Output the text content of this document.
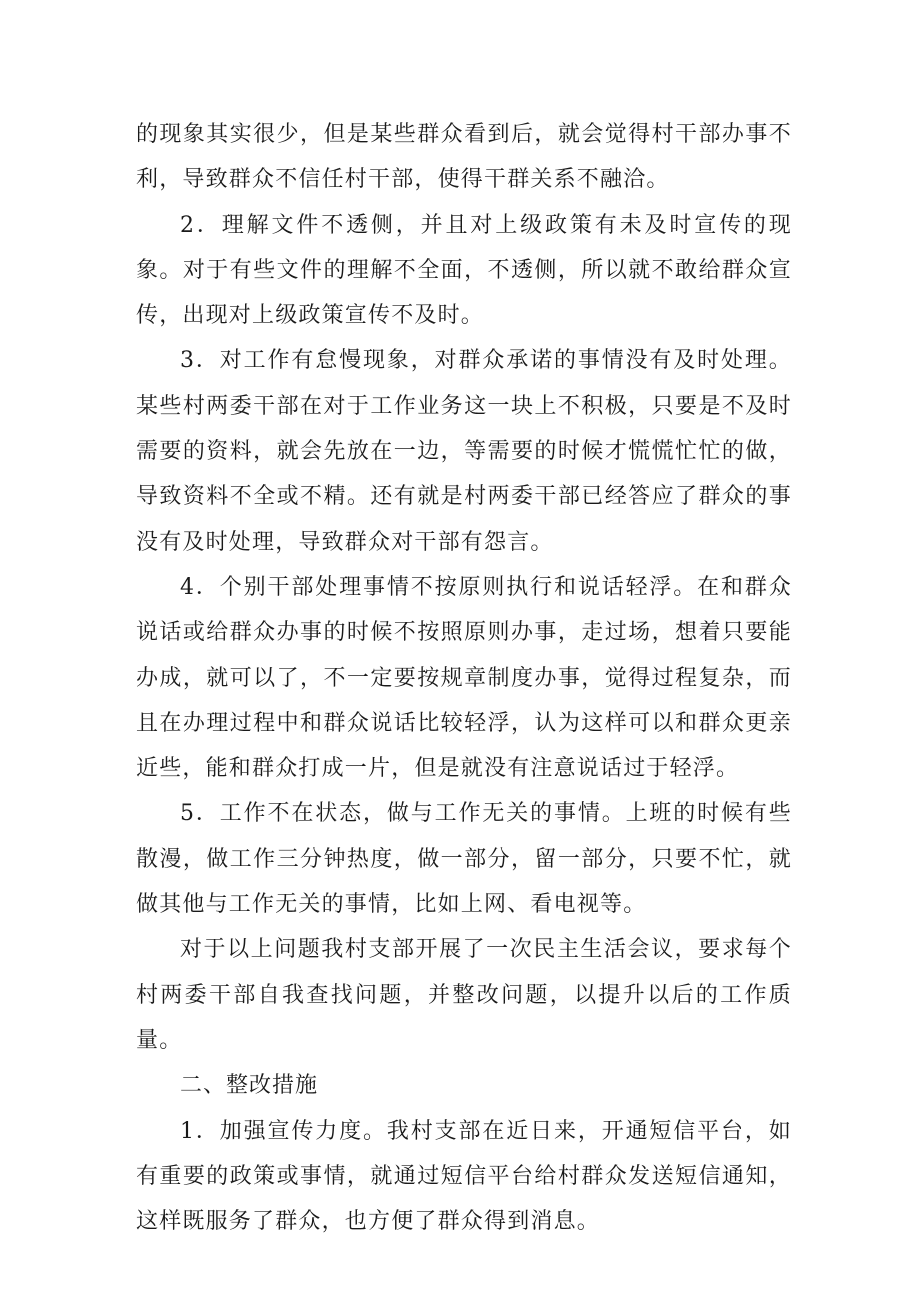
的现象其实很少，但是某些群众看到后，就会觉得村干部办事不利，导致群众不信任村干部，使得干群关系不融洽。

2．理解文件不透侧，并且对上级政策有未及时宣传的现象。对于有些文件的理解不全面，不透侧，所以就不敢给群众宣传，出现对上级政策宣传不及时。

3．对工作有怠慢现象，对群众承诺的事情没有及时处理。某些村两委干部在对于工作业务这一块上不积极，只要是不及时需要的资料，就会先放在一边，等需要的时候才慌慌忙忙的做，导致资料不全或不精。还有就是村两委干部已经答应了群众的事没有及时处理，导致群众对干部有怨言。

4．个别干部处理事情不按原则执行和说话轻浮。在和群众说话或给群众办事的时候不按照原则办事，走过场，想着只要能办成，就可以了，不一定要按规章制度办事，觉得过程复杂，而且在办理过程中和群众说话比较轻浮，认为这样可以和群众更亲近些，能和群众打成一片，但是就没有注意说话过于轻浮。

5．工作不在状态，做与工作无关的事情。上班的时候有些散漫，做工作三分钟热度，做一部分，留一部分，只要不忙，就做其他与工作无关的事情，比如上网、看电视等。

对于以上问题我村支部开展了一次民主生活会议，要求每个村两委干部自我查找问题，并整改问题，以提升以后的工作质量。

二、整改措施

1．加强宣传力度。我村支部在近日来，开通短信平台，如有重要的政策或事情，就通过短信平台给村群众发送短信通知，这样既服务了群众，也方便了群众得到消息。
